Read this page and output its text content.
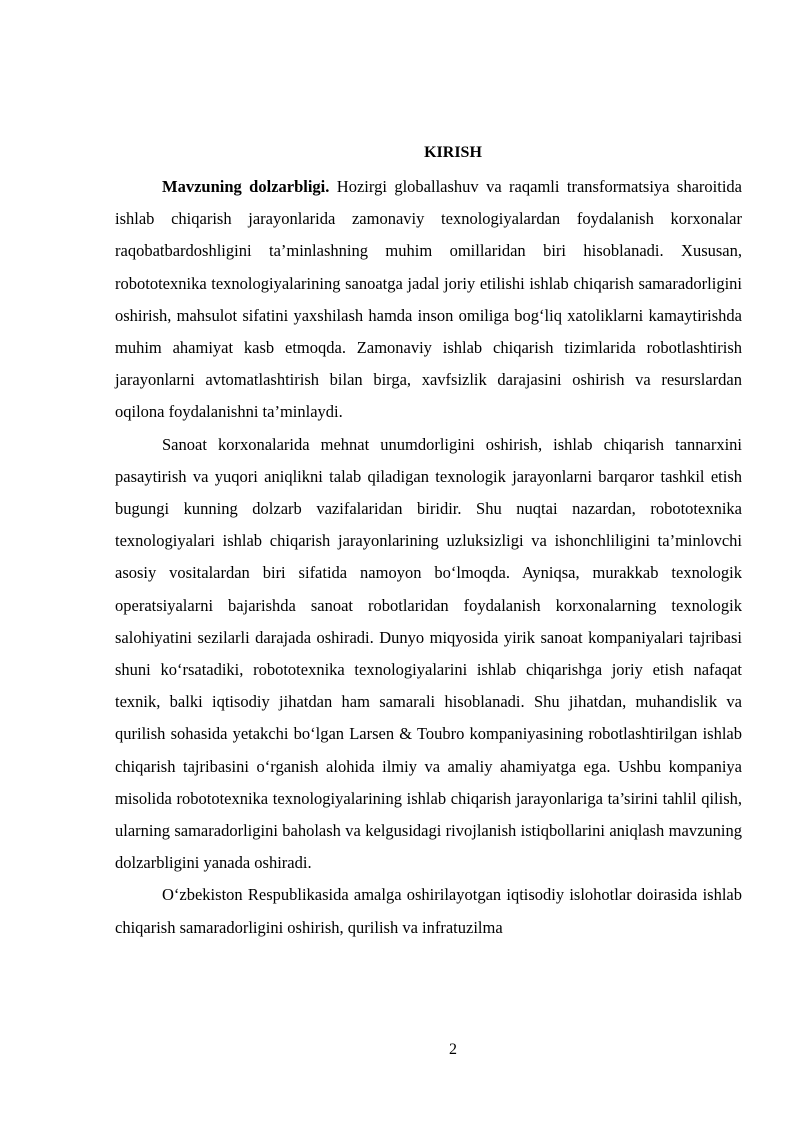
KIRISH

Mavzuning dolzarbligi. Hozirgi globallashuv va raqamli transformatsiya sharoitida ishlab chiqarish jarayonlarida zamonaviy texnologiyalardan foydalanish korxonalar raqobatbardoshligini ta’minlashning muhim omillaridan biri hisoblanadi. Xususan, robototexnika texnologiyalarining sanoatga jadal joriy etilishi ishlab chiqarish samaradorligini oshirish, mahsulot sifatini yaxshilash hamda inson omiliga bog‘liq xatoliklarni kamaytirishda muhim ahamiyat kasb etmoqda. Zamonaviy ishlab chiqarish tizimlarida robotlashtirish jarayonlarni avtomatlashtirish bilan birga, xavfsizlik darajasini oshirish va resurslardan oqilona foydalanishni ta’minlaydi.

Sanoat korxonalarida mehnat unumdorligini oshirish, ishlab chiqarish tannarxini pasaytirish va yuqori aniqlikni talab qiladigan texnologik jarayonlarni barqaror tashkil etish bugungi kunning dolzarb vazifalaridan biridir. Shu nuqtai nazardan, robototexnika texnologiyalari ishlab chiqarish jarayonlarining uzluksizligi va ishonchliligini ta’minlovchi asosiy vositalardan biri sifatida namoyon bo‘lmoqda. Ayniqsa, murakkab texnologik operatsiyalarni bajarishda sanoat robotlaridan foydalanish korxonalarning texnologik salohiyatini sezilarli darajada oshiradi. Dunyo miqyosida yirik sanoat kompaniyalari tajribasi shuni ko‘rsatadiki, robototexnika texnologiyalarini ishlab chiqarishga joriy etish nafaqat texnik, balki iqtisodiy jihatdan ham samarali hisoblanadi. Shu jihatdan, muhandislik va qurilish sohasida yetakchi bo‘lgan Larsen & Toubro kompaniyasining robotlashtirilgan ishlab chiqarish tajribasini o‘rganish alohida ilmiy va amaliy ahamiyatga ega. Ushbu kompaniya misolida robototexnika texnologiyalarining ishlab chiqarish jarayonlariga ta’sirini tahlil qilish, ularning samaradorligini baholash va kelgusidagi rivojlanish istiqbollarini aniqlash mavzuning dolzarbligini yanada oshiradi.

O‘zbekiston Respublikasida amalga oshirilayotgan iqtisodiy islohotlar doirasida ishlab chiqarish samaradorligini oshirish, qurilish va infratuzilma

2
